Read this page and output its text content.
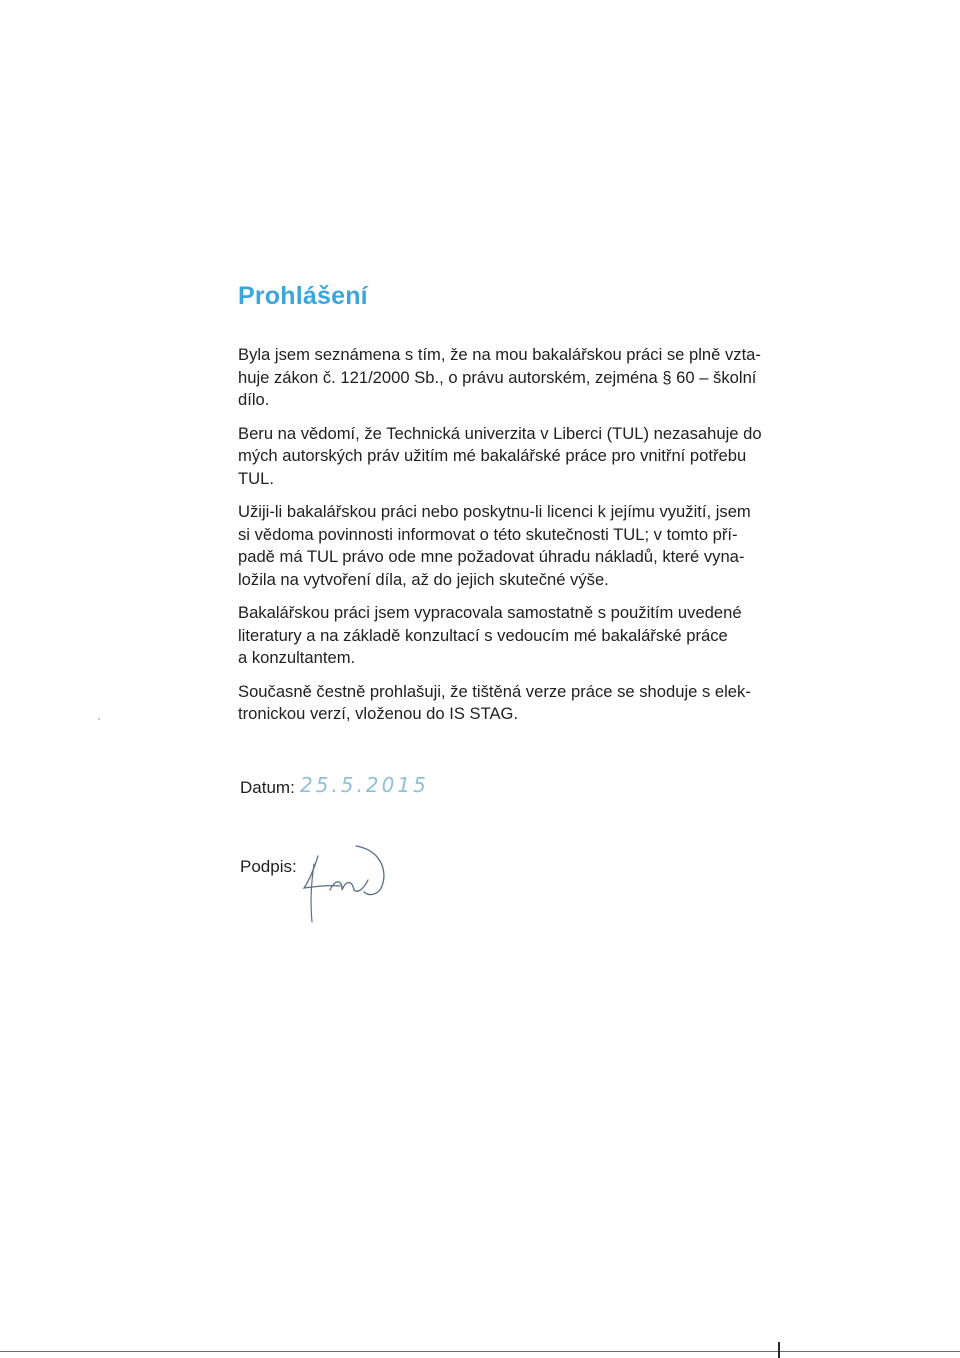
Prohlášení

Byla jsem seznámena s tím, že na mou bakalářskou práci se plně vzta-
huje zákon č. 121/2000 Sb., o právu autorském, zejména § 60 – školní
dílo.

Beru na vědomí, že Technická univerzita v Liberci (TUL) nezasahuje do
mých autorských práv užitím mé bakalářské práce pro vnitřní potřebu
TUL.

Užiji-li bakalářskou práci nebo poskytnu-li licenci k jejímu využití, jsem
si vědoma povinnosti informovat o této skutečnosti TUL; v tomto pří-
padě má TUL právo ode mne požadovat úhradu nákladů, které vyna-
ložila na vytvoření díla, až do jejich skutečné výše.

Bakalářskou práci jsem vypracovala samostatně s použitím uvedené
literatury a na základě konzultací s vedoucím mé bakalářské práce
a konzultantem.

Současně čestně prohlašuji, že tištěná verze práce se shoduje s elek-
tronickou verzí, vloženou do IS STAG.

Datum: 25.5.2015
Podpis:
